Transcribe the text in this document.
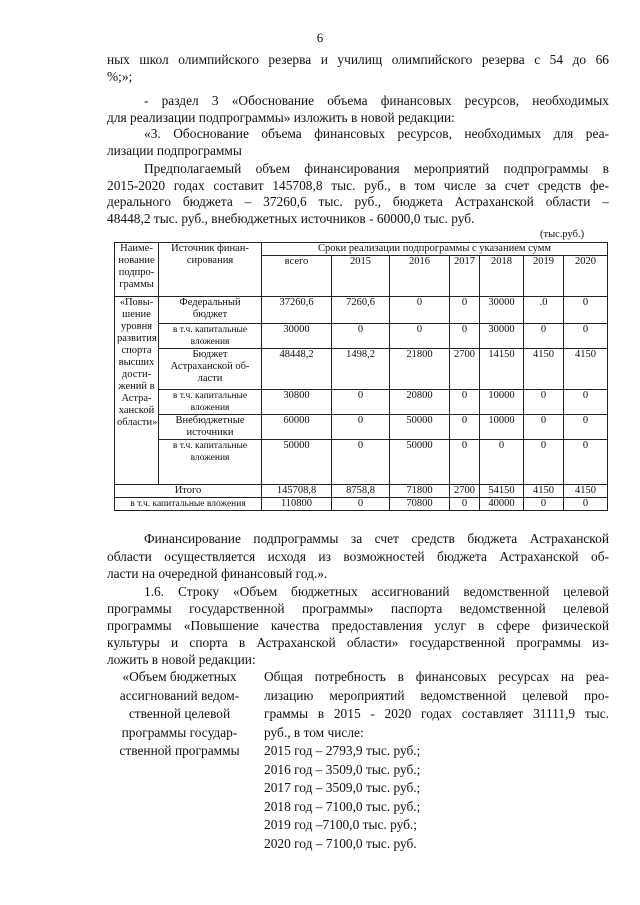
6
ных школ олимпийского резерва и училищ олимпийского резерва с 54 до 66
%;»;
- раздел 3 «Обоснование объема финансовых ресурсов, необходимых
для реализации подпрограммы» изложить в новой редакции:
«3. Обоснование объема финансовых ресурсов, необходимых для реа-
лизации подпрограммы
Предполагаемый объем финансирования мероприятий подпрограммы в
2015-2020 годах составит 145708,8 тыс. руб., в том числе за счет средств фе-
дерального бюджета – 37260,6 тыс. руб., бюджета Астраханской области –
48448,2 тыс. руб., внебюджетных источников - 60000,0 тыс. руб.
(тыс.руб.)
Наиме-нование подпро-граммы	Источник финан-сирования	Сроки реализации подпрограммы с указанием сумм						
		всего	2015	2016	2017	2018	2019	2020
«Повы-шение уровня развития спорта высших дости-жений в Астра-ханской области»	Федеральный бюджет	37260,6	7260,6	0	0	30000	.0	0
	в т.ч. капитальные вложения	30000	0	0	0	30000	0	0
	Бюджет Астраханской об-ласти	48448,2	1498,2	21800	2700	14150	4150	4150
	в т.ч. капитальные вложения	30800	0	20800	0	10000	0	0
	Внебюджетные источники	60000	0	50000	0	10000	0	0
	в т.ч. капитальные вложения	50000	0	50000	0	0	0	0
Итого		145708,8	8758,8	71800	2700	54150	4150	4150
в т.ч. капитальные вложения		110800	0	70800	0	40000	0	0
Финансирование подпрограммы за счет средств бюджета Астраханской
области осуществляется исходя из возможностей бюджета Астраханской об-
ласти на очередной финансовый год.».
1.6. Строку «Объем бюджетных ассигнований ведомственной целевой
программы государственной программы» паспорта ведомственной целевой
программы «Повышение качества предоставления услуг в сфере физической
культуры и спорта в Астраханской области» государственной программы из-
ложить в новой редакции:
«Объем бюджетных
ассигнований ведом-
ственной целевой
программы государ-
ственной программы
Общая потребность в финансовых ресурсах на реа-
лизацию мероприятий ведомственной целевой про-
граммы в 2015 - 2020 годах составляет 31111,9 тыс.
руб., в том числе:
2015 год – 2793,9 тыс. руб.;
2016 год – 3509,0 тыс. руб.;
2017 год – 3509,0 тыс. руб.;
2018 год – 7100,0 тыс. руб.;
2019 год –7100,0 тыс. руб.;
2020 год – 7100,0 тыс. руб.
